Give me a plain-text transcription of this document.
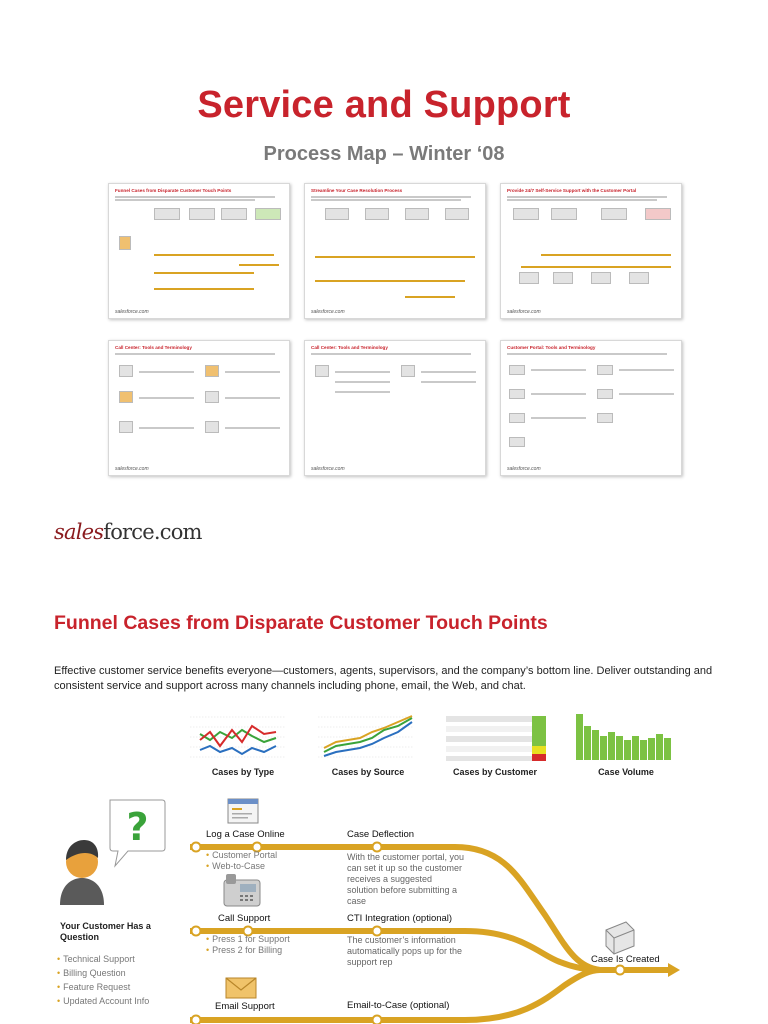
Service and Support
Process Map – Winter ‘08
Funnel Cases from Disparate Customer Touch Points
salesforce.com
Streamline Your Case Resolution Process
salesforce.com
Provide 24/7 Self-Service Support with the Customer Portal
salesforce.com
Call Center: Tools and Terminology
salesforce.com
Call Center: Tools and Terminology
salesforce.com
Customer Portal: Tools and Terminology
salesforce.com
salesforce.com
Funnel Cases from Disparate Customer Touch Points
Effective customer service benefits everyone—customers, agents, supervisors, and the company’s bottom line. Deliver outstanding and consistent service and support across many channels including phone, email, the Web, and chat.
Cases by Type	Cases by Source	Cases by Customer	Case Volume
?	Log a Case Online
• Customer Portal
• Web-to-Case
Case Deflection
With the customer portal, you can set it up so the customer receives a suggested solution before submitting a case
Call Support
• Press 1 for Support
• Press 2 for Billing
CTI Integration (optional)
The customer’s information automatically pops up for the support rep
Email Support	Email-to-Case (optional)
Case Is Created
Your Customer Has a Question
• Technical Support
• Billing Question
• Feature Request
• Updated Account Info
